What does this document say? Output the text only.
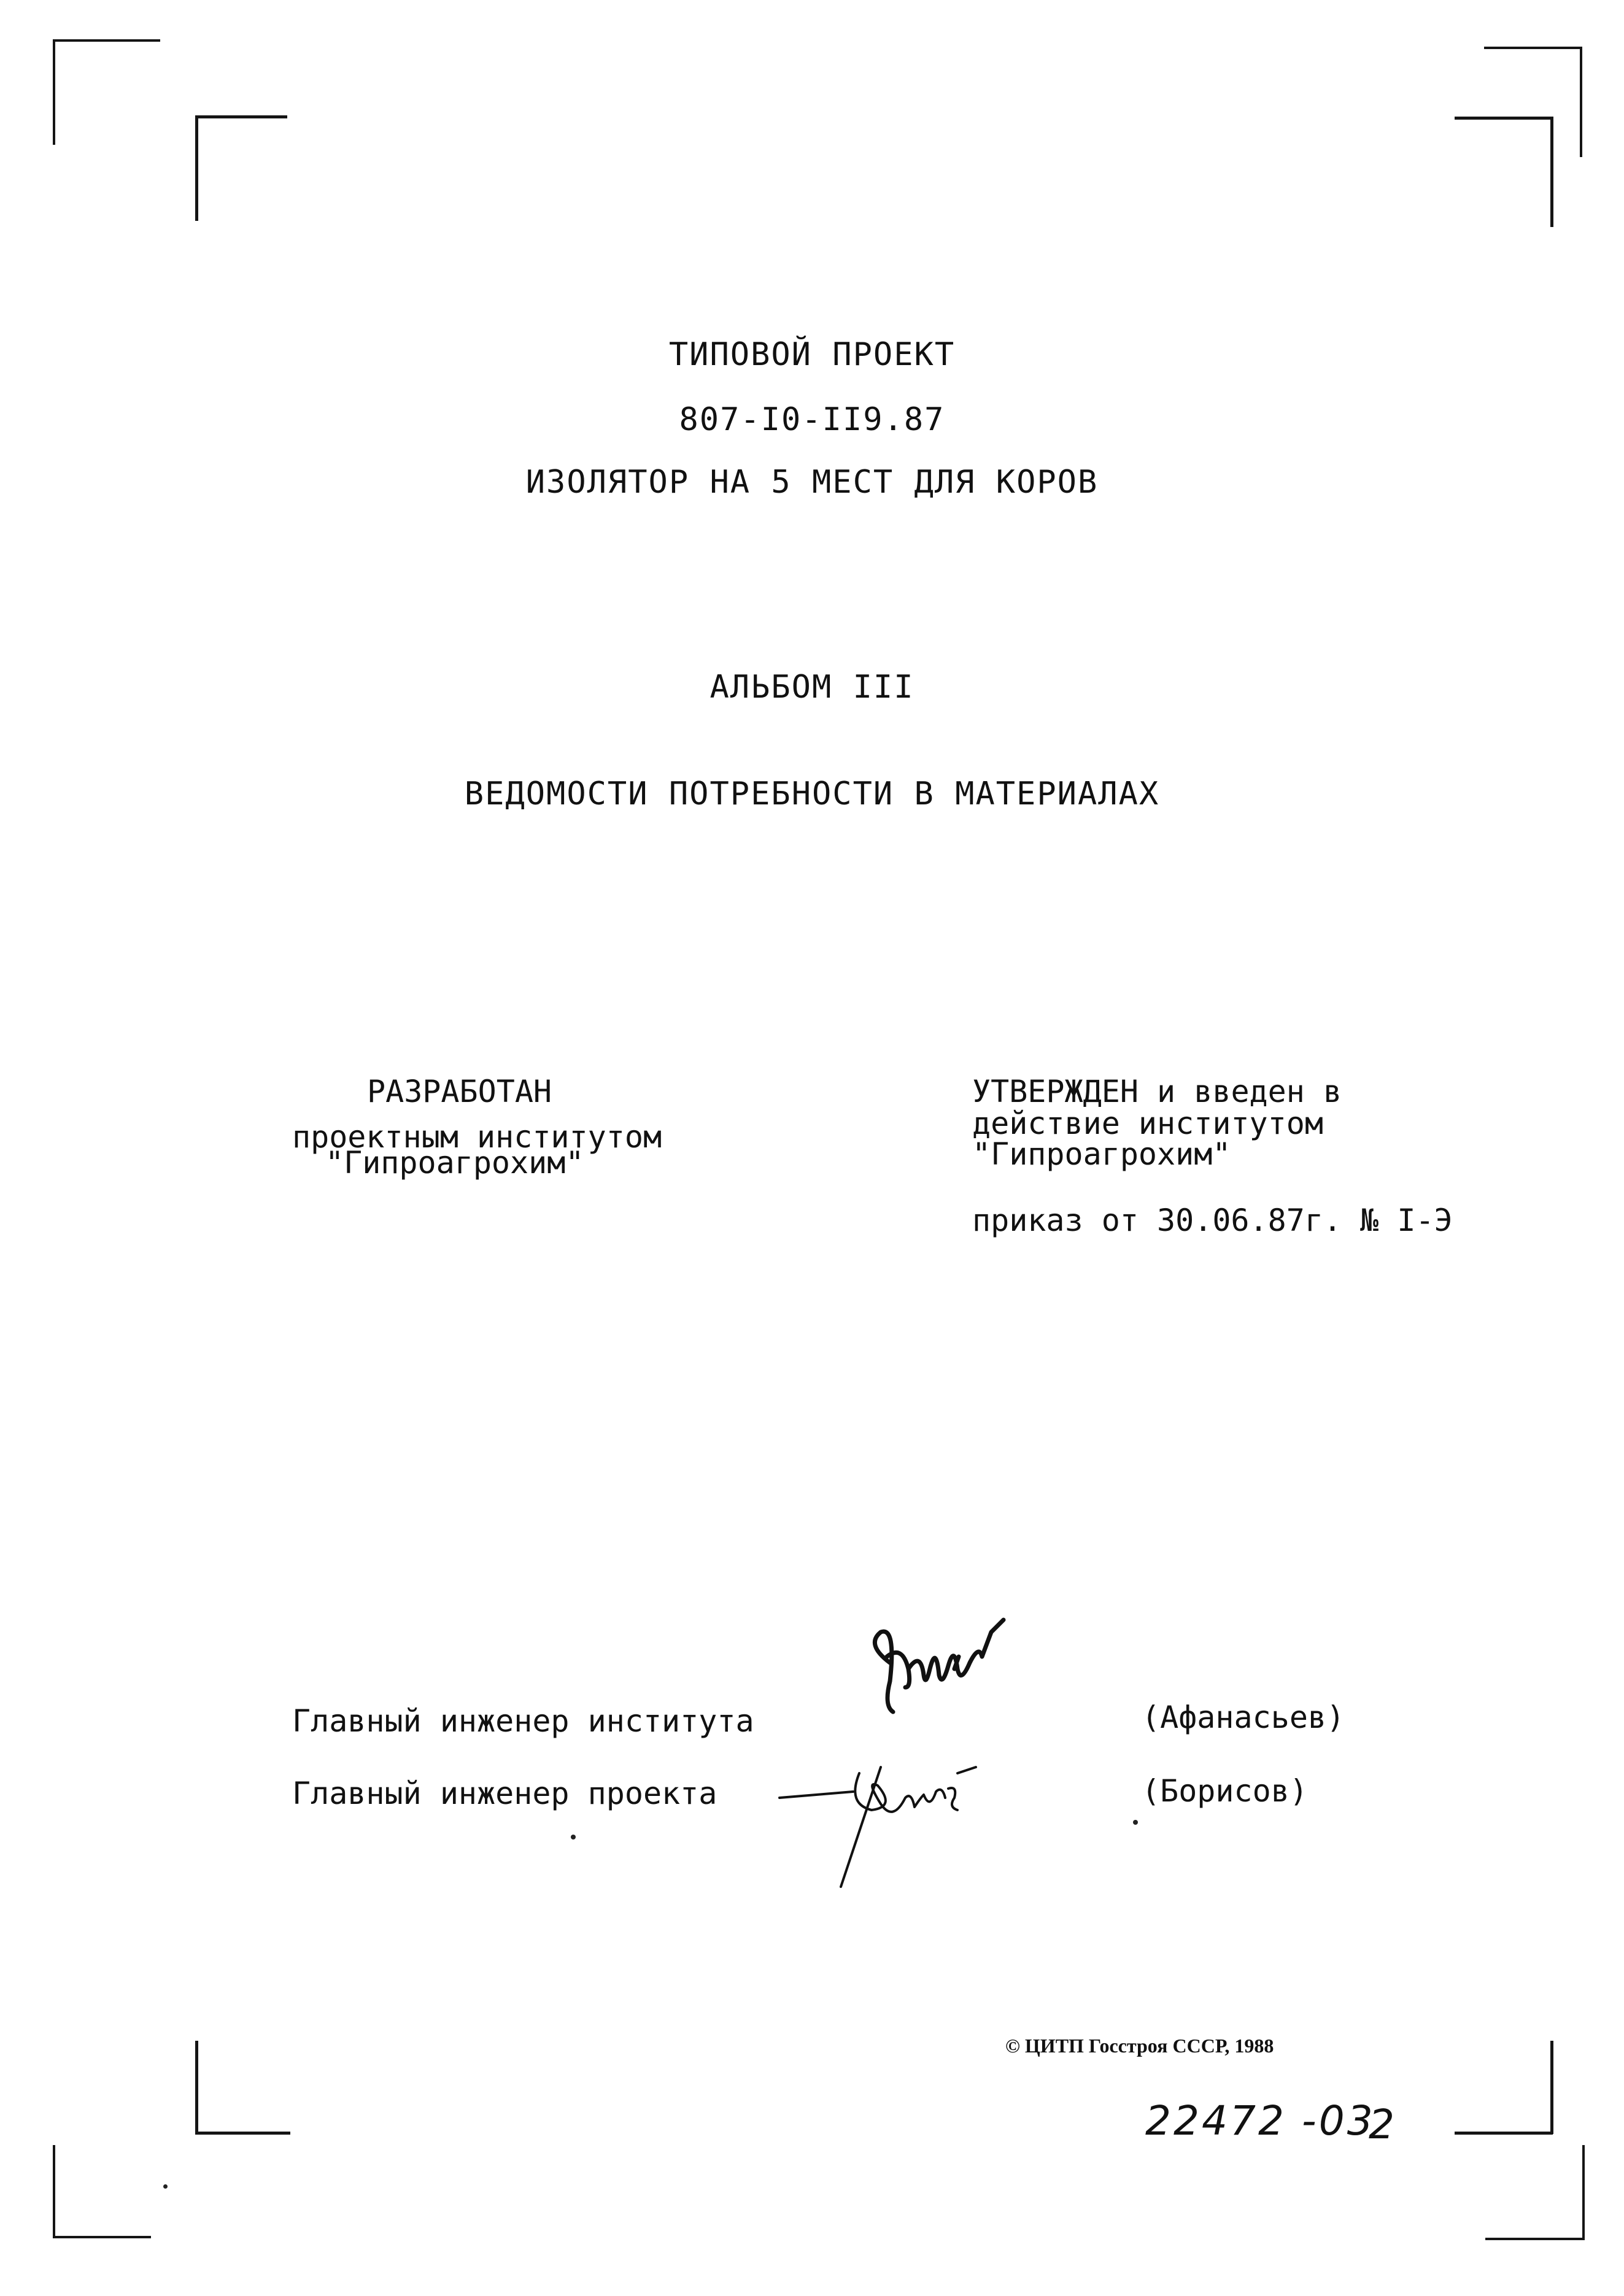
ТИПОВОЙ ПРОЕКТ
807-I0-II9.87
ИЗОЛЯТОР НА 5 МЕСТ ДЛЯ КОРОВ
АЛЬБОМ III
ВЕДОМОСТИ ПОТРЕБНОСТИ В МАТЕРИАЛАХ
РАЗРАБОТАН
проектным институтом
"Гипроагрохим"
УТВЕРЖДЕН и введен в
действие институтом
"Гипроагрохим"
приказ от 30.06.87г. № I-Э
Главный инженер института	(Афанасьев)
Главный инженер проекта	(Борисов)
© ЦИТП Госстроя СССР, 1988
22472 -03
2
